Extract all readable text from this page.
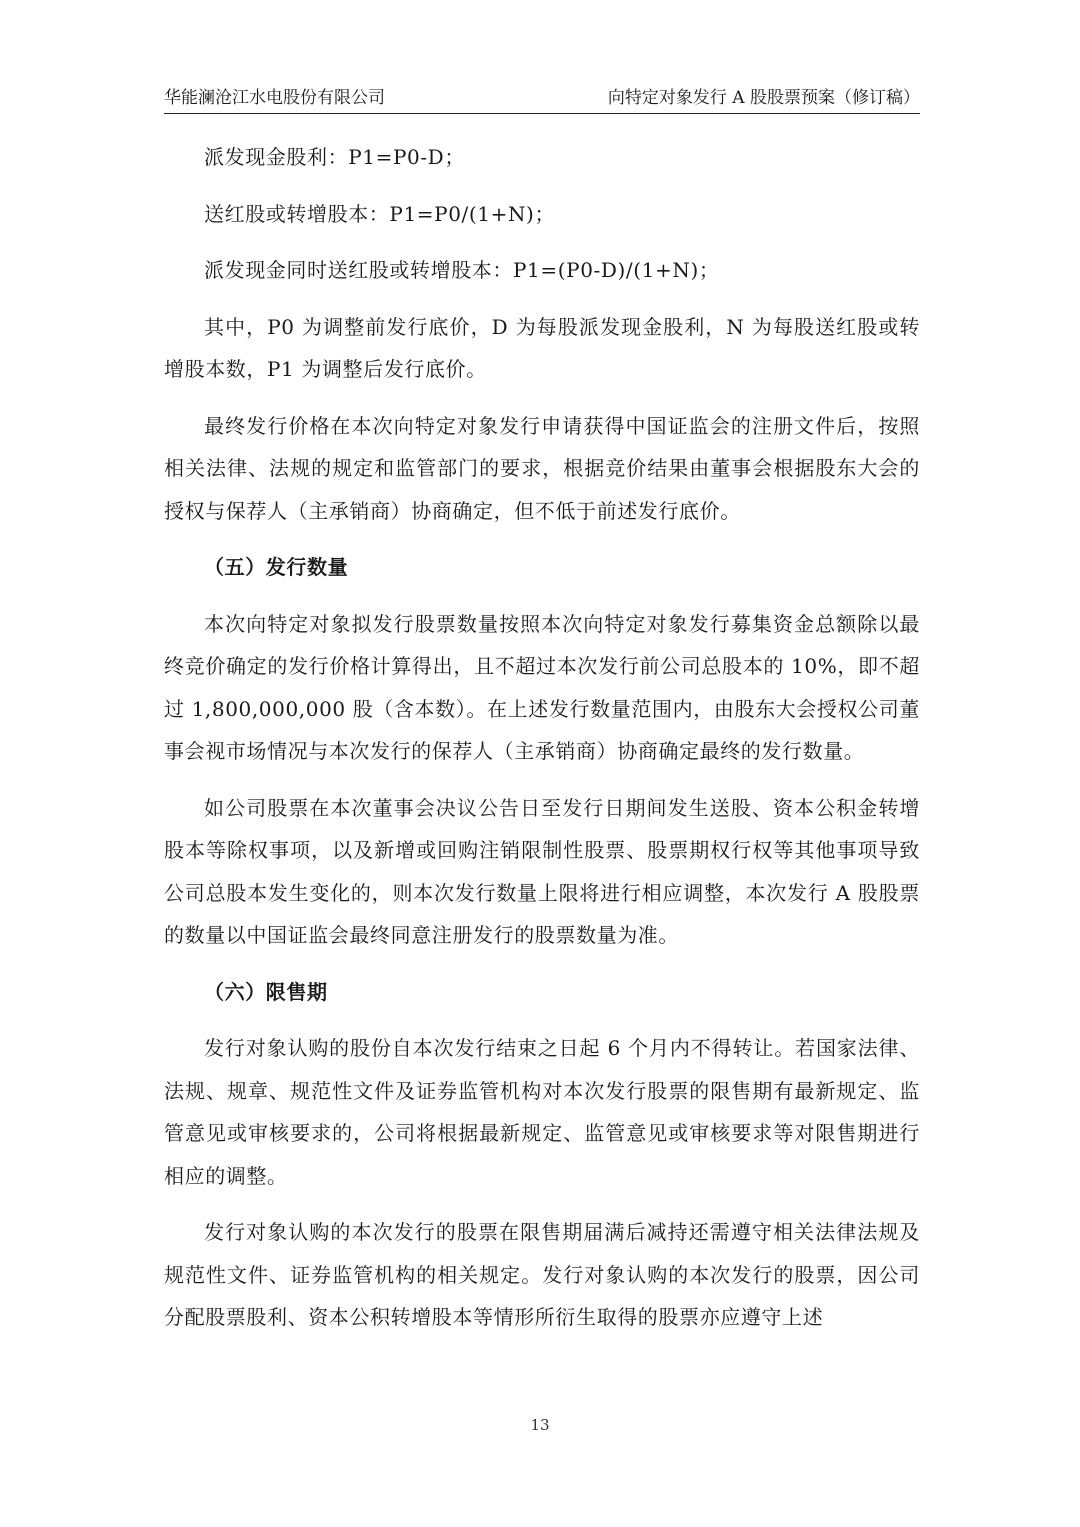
华能澜沧江水电股份有限公司	向特定对象发行 A 股股票预案（修订稿）

派发现金股利：P1=P0-D；

送红股或转增股本：P1=P0/(1+N)；

派发现金同时送红股或转增股本：P1=(P0-D)/(1+N)；

其中，P0 为调整前发行底价，D 为每股派发现金股利，N 为每股送红股或转增股本数，P1 为调整后发行底价。

最终发行价格在本次向特定对象发行申请获得中国证监会的注册文件后，按照相关法律、法规的规定和监管部门的要求，根据竞价结果由董事会根据股东大会的授权与保荐人（主承销商）协商确定，但不低于前述发行底价。

（五）发行数量

本次向特定对象拟发行股票数量按照本次向特定对象发行募集资金总额除以最终竞价确定的发行价格计算得出，且不超过本次发行前公司总股本的 10%，即不超过 1,800,000,000 股（含本数）。在上述发行数量范围内，由股东大会授权公司董事会视市场情况与本次发行的保荐人（主承销商）协商确定最终的发行数量。

如公司股票在本次董事会决议公告日至发行日期间发生送股、资本公积金转增股本等除权事项，以及新增或回购注销限制性股票、股票期权行权等其他事项导致公司总股本发生变化的，则本次发行数量上限将进行相应调整，本次发行 A 股股票的数量以中国证监会最终同意注册发行的股票数量为准。

（六）限售期

发行对象认购的股份自本次发行结束之日起 6 个月内不得转让。若国家法律、法规、规章、规范性文件及证券监管机构对本次发行股票的限售期有最新规定、监管意见或审核要求的，公司将根据最新规定、监管意见或审核要求等对限售期进行相应的调整。

发行对象认购的本次发行的股票在限售期届满后减持还需遵守相关法律法规及规范性文件、证券监管机构的相关规定。发行对象认购的本次发行的股票，因公司分配股票股利、资本公积转增股本等情形所衍生取得的股票亦应遵守上述

13
